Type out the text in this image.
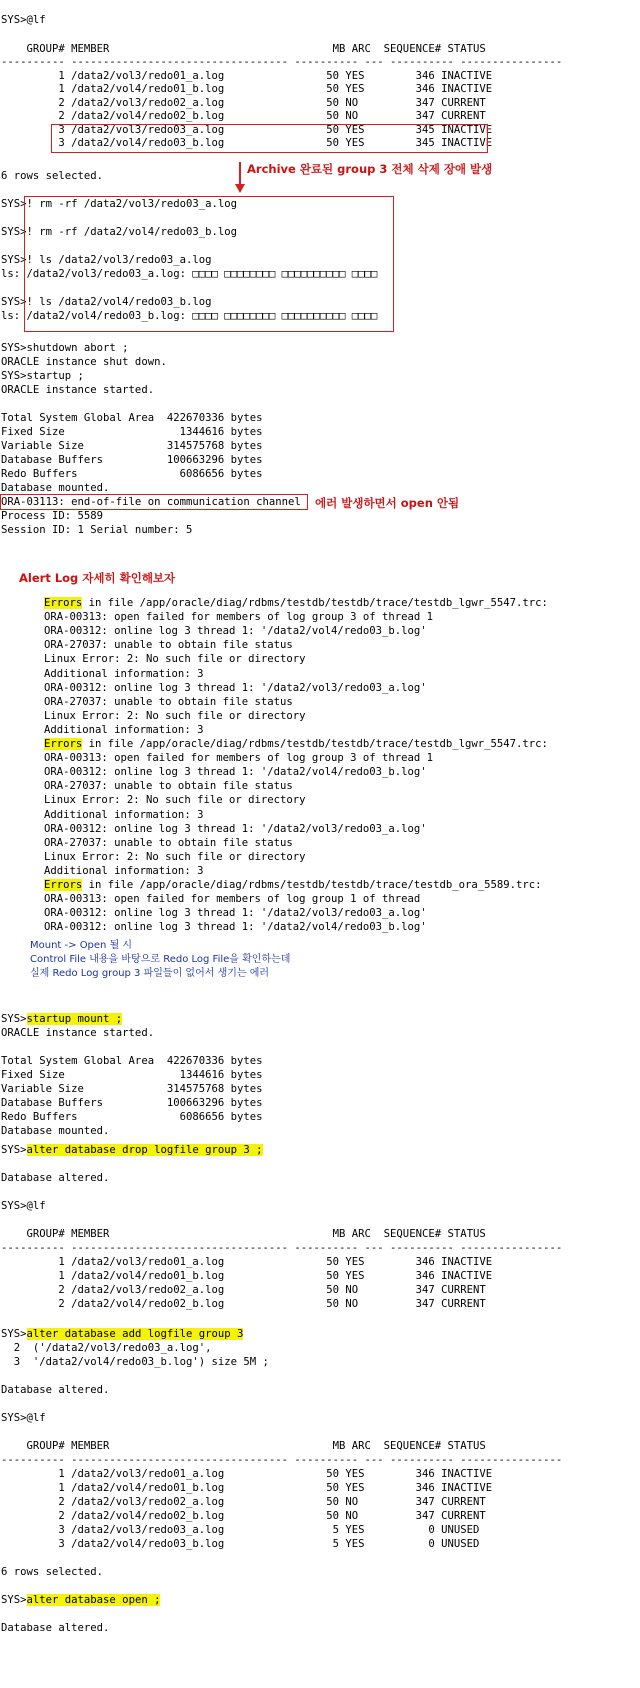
SYS>@lf
GROUP# MEMBER                                   MB ARC  SEQUENCE# STATUS
---------- ---------------------------------- ---------- --- ---------- ----------------
1 /data2/vol3/redo01_a.log                50 YES        346 INACTIVE
1 /data2/vol4/redo01_b.log                50 YES        346 INACTIVE
2 /data2/vol3/redo02_a.log                50 NO         347 CURRENT
2 /data2/vol4/redo02_b.log                50 NO         347 CURRENT
3 /data2/vol3/redo03_a.log                50 YES        345 INACTIVE
3 /data2/vol4/redo03_b.log                50 YES        345 INACTIVE
6 rows selected.	Archive 완료된 group 3 전체 삭제 장애 발생
SYS>! rm -rf /data2/vol3/redo03_a.log
SYS>! rm -rf /data2/vol4/redo03_b.log
SYS>! ls /data2/vol3/redo03_a.log
ls: /data2/vol3/redo03_a.log: □□□□ □□□□□□□□ □□□□□□□□□□ □□□□
SYS>! ls /data2/vol4/redo03_b.log
ls: /data2/vol4/redo03_b.log: □□□□ □□□□□□□□ □□□□□□□□□□ □□□□
SYS>shutdown abort ;
ORACLE instance shut down.
SYS>startup ;
ORACLE instance started.
Total System Global Area  422670336 bytes
Fixed Size                  1344616 bytes
Variable Size             314575768 bytes
Database Buffers          100663296 bytes
Redo Buffers                6086656 bytes
Database mounted.
ORA-03113: end-of-file on communication channel 에러 발생하면서 open 안됨
Process ID: 5589
Session ID: 1 Serial number: 5
Alert Log 자세히 확인해보자
Errors in file /app/oracle/diag/rdbms/testdb/testdb/trace/testdb_lgwr_5547.trc:
ORA-00313: open failed for members of log group 3 of thread 1
ORA-00312: online log 3 thread 1: '/data2/vol4/redo03_b.log'
ORA-27037: unable to obtain file status
Linux Error: 2: No such file or directory
Additional information: 3
ORA-00312: online log 3 thread 1: '/data2/vol3/redo03_a.log'
ORA-27037: unable to obtain file status
Linux Error: 2: No such file or directory
Additional information: 3
Errors in file /app/oracle/diag/rdbms/testdb/testdb/trace/testdb_lgwr_5547.trc:
ORA-00313: open failed for members of log group 3 of thread 1
ORA-00312: online log 3 thread 1: '/data2/vol4/redo03_b.log'
ORA-27037: unable to obtain file status
Linux Error: 2: No such file or directory
Additional information: 3
ORA-00312: online log 3 thread 1: '/data2/vol3/redo03_a.log'
ORA-27037: unable to obtain file status
Linux Error: 2: No such file or directory
Additional information: 3
Errors in file /app/oracle/diag/rdbms/testdb/testdb/trace/testdb_ora_5589.trc:
ORA-00313: open failed for members of log group 1 of thread
ORA-00312: online log 3 thread 1: '/data2/vol3/redo03_a.log'
ORA-00312: online log 3 thread 1: '/data2/vol4/redo03_b.log'
Mount -> Open 될 시
Control File 내용을 바탕으로 Redo Log File을 확인하는데
실제 Redo Log group 3 파일들이 없어서 생기는 에러
SYS>startup mount ;
ORACLE instance started.
Total System Global Area  422670336 bytes
Fixed Size                  1344616 bytes
Variable Size             314575768 bytes
Database Buffers          100663296 bytes
Redo Buffers                6086656 bytes
Database mounted.
SYS>alter database drop logfile group 3 ;
Database altered.
SYS>@lf
GROUP# MEMBER                                   MB ARC  SEQUENCE# STATUS
---------- ---------------------------------- ---------- --- ---------- ----------------
1 /data2/vol3/redo01_a.log                50 YES        346 INACTIVE
1 /data2/vol4/redo01_b.log                50 YES        346 INACTIVE
2 /data2/vol3/redo02_a.log                50 NO         347 CURRENT
2 /data2/vol4/redo02_b.log                50 NO         347 CURRENT
SYS>alter database add logfile group 3
2  ('/data2/vol3/redo03_a.log',
3  '/data2/vol4/redo03_b.log') size 5M ;
Database altered.
SYS>@lf
GROUP# MEMBER                                   MB ARC  SEQUENCE# STATUS
---------- ---------------------------------- ---------- --- ---------- ----------------
1 /data2/vol3/redo01_a.log                50 YES        346 INACTIVE
1 /data2/vol4/redo01_b.log                50 YES        346 INACTIVE
2 /data2/vol3/redo02_a.log                50 NO         347 CURRENT
2 /data2/vol4/redo02_b.log                50 NO         347 CURRENT
3 /data2/vol3/redo03_a.log                 5 YES          0 UNUSED
3 /data2/vol4/redo03_b.log                 5 YES          0 UNUSED
6 rows selected.
SYS>alter database open ;
Database altered.
